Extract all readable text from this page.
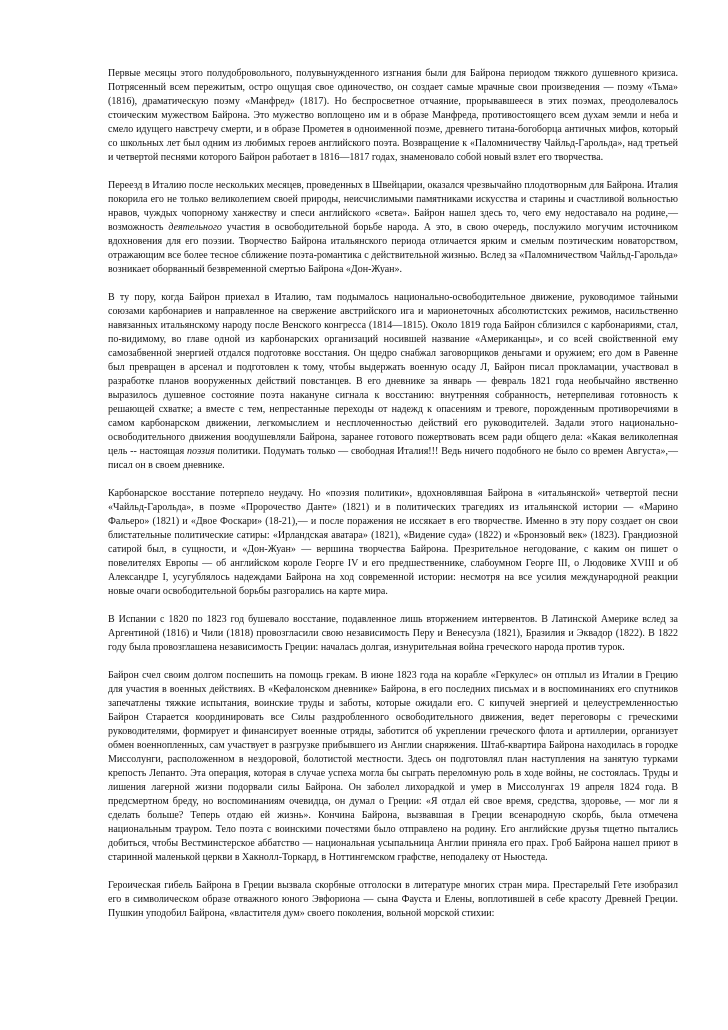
Первые месяцы этого полудобровольного, полувынужденного изгнания были для Байрона периодом тяжкого душевного кризиса. Потрясенный всем пережитым, остро ощущая свое одиночество, он создает самые мрачные свои произведения — поэму «Тьма» (1816), драматическую поэму «Манфред» (1817). Но беспросветное отчаяние, прорывавшееся в этих поэмах, преодолевалось стоическим мужеством Байрона. Это мужество воплощено им и в образе Манфреда, противостоящего всем духам земли и неба и смело идущего навстречу смерти, и в образе Прометея в одноименной поэме, древнего титана-богоборца античных мифов, который со школьных лет был одним из любимых героев английского поэта. Возвращение к «Паломничеству Чайльд-Гарольда», над третьей и четвертой песнями которого Байрон работает в 1816—1817 годах, знаменовало собой новый взлет его творчества.

Переезд в Италию после нескольких месяцев, проведенных в Швейцарии, оказался чрезвычайно плодотворным для Байрона. Италия покорила его не только великолепием своей природы, неисчислимыми памятниками искусства и старины и счастливой вольностью нравов, чуждых чопорному ханжеству и спеси английского «света». Байрон нашел здесь то, чего ему недоставало на родине,— возможность деятельного участия в освободительной борьбе народа. А это, в свою очередь, послужило могучим источником вдохновения для его поэзии. Творчество Байрона итальянского периода отличается ярким и смелым поэтическим новаторством, отражающим все более тесное сближение поэта-романтика с действительной жизнью. Вслед за «Паломничеством Чайльд-Гарольда» возникает оборванный безвременной смертью Байрона «Дон-Жуан».

В ту пору, когда Байрон приехал в Италию, там подымалось национально-освободительное движение, руководимое тайными союзами карбонариев и направленное на свержение австрийского ига и марионеточных абсолютистских режимов, насильственно навязанных итальянскому народу после Венского конгресса (1814—1815). Около 1819 года Байрон сблизился с карбонариями, стал, по-видимому, во главе одной из карбонарских организаций носившей название «Американцы», и со всей свойственной ему самозабвенной энергией отдался подготовке восстания. Он щедро снабжал заговорщиков деньгами и оружием; его дом в Равенне был превращен в арсенал и подготовлен к тому, чтобы выдержать военную осаду Л, Байрон писал прокламации, участвовал в разработке планов вооруженных действий повстанцев. В его дневнике за январь — февраль 1821 года необычайно явственно выразилось душевное состояние поэта накануне сигнала к восстанию: внутренняя собранность, нетерпеливая готовность к решающей схватке; а вместе с тем, непрестанные переходы от надежд к опасениям и тревоге, порожденным противоречиями в самом карбонарском движении, легкомыслием и несплоченностью действий его руководителей. Задали этого национально-освободительного движения воодушевляли Байрона, заранее готового пожертвовать всем ради общего дела: «Какая великолепная цель -- настоящая поэзия политики. Подумать только — свободная Италия!!! Ведь ничего подобного не было со времен Августа»,— писал он в своем дневнике.

Карбонарское восстание потерпело неудачу. Но «поэзия политики», вдохновлявшая Байрона в «итальянской» четвертой песни «Чайльд-Гарольда», в поэме «Пророчество Данте» (1821) и в политических трагедиях из итальянской истории — «Марино Фальеро» (1821) и «Двое Фоскари» (18-21),— и после поражения не иссякает в его творчестве. Именно в эту пору создает он свои блистательные политические сатиры: «Ирландская аватара» (1821), «Видение суда» (1822) и «Бронзовый век» (1823). Грандиозной сатирой был, в сущности, и «Дон-Жуан» — вершина творчества Байрона. Презрительное негодование, с каким он пишет о повелителях Европы — об английском короле Георге IV и его предшественнике, слабоумном Георге III, о Людовике XVIII и об Александре I, усугублялось надеждами Байрона на ход современной истории: несмотря на все усилия международной реакции новые очаги освободительной борьбы разгорались на карте мира.

В Испании с 1820 по 1823 год бушевало восстание, подавленное лишь вторжением интервентов. В Латинской Америке вслед за Аргентиной (1816) и Чили (1818) провозгласили свою независимость Перу и Венесуэла (1821), Бразилия и Эквадор (1822). В 1822 году была провозглашена независимость Греции: началась долгая, изнурительная война греческого народа против турок.

Байрон счел своим долгом поспешить на помощь грекам. В июне 1823 года на корабле «Геркулес» он отплыл из Италии в Грецию для участия в военных действиях. В «Кефалонском дневнике» Байрона, в его последних письмах и в воспоминаниях его спутников запечатлены тяжкие испытания, воинские труды и заботы, которые ожидали его. С кипучей энергией и целеустремленностью Байрон Старается координировать все Силы раздробленного освободительного движения, ведет переговоры с греческими руководителями, формирует и финансирует военные отряды, заботится об укреплении греческого флота и артиллерии, организует обмен военнопленных, сам участвует в разгрузке прибывшего из Англии снаряжения. Штаб-квартира Байрона находилась в городке Миссолунги, расположенном в нездоровой, болотистой местности. Здесь он подготовлял план наступления на занятую турками крепость Лепанто. Эта операция, которая в случае успеха могла бы сыграть переломную роль в ходе войны, не состоялась. Труды и лишения лагерной жизни подорвали силы Байрона. Он заболел лихорадкой и умер в Миссолунгах 19 апреля 1824 года. В предсмертном бреду, но воспоминаниям очевидца, он думал о Греции: «Я отдал ей свое время, средства, здоровье, — мог ли я сделать больше? Теперь отдаю ей жизнь». Кончина Байрона, вызвавшая в Греции всенародную скорбь, была отмечена национальным трауром. Тело поэта с воинскими почестями было отправлено на родину. Его английские друзья тщетно пытались добиться, чтобы Вестминстерское аббатство — национальная усыпальница Англии приняла его прах. Гроб Байрона нашел приют в старинной маленькой церкви в Хакнолл-Торкард, в Ноттингемском графстве, неподалеку от Ньюстеда.

Героическая гибель Байрона в Греции вызвала скорбные отголоски в литературе многих стран мира. Престарелый Гете изобразил его в символическом образе отважного юного Эвфориона — сына Фауста и Елены, воплотившей в себе красоту Древней Греции. Пушкин уподобил Байрона, «властителя дум» своего поколения, вольной морской стихии:
